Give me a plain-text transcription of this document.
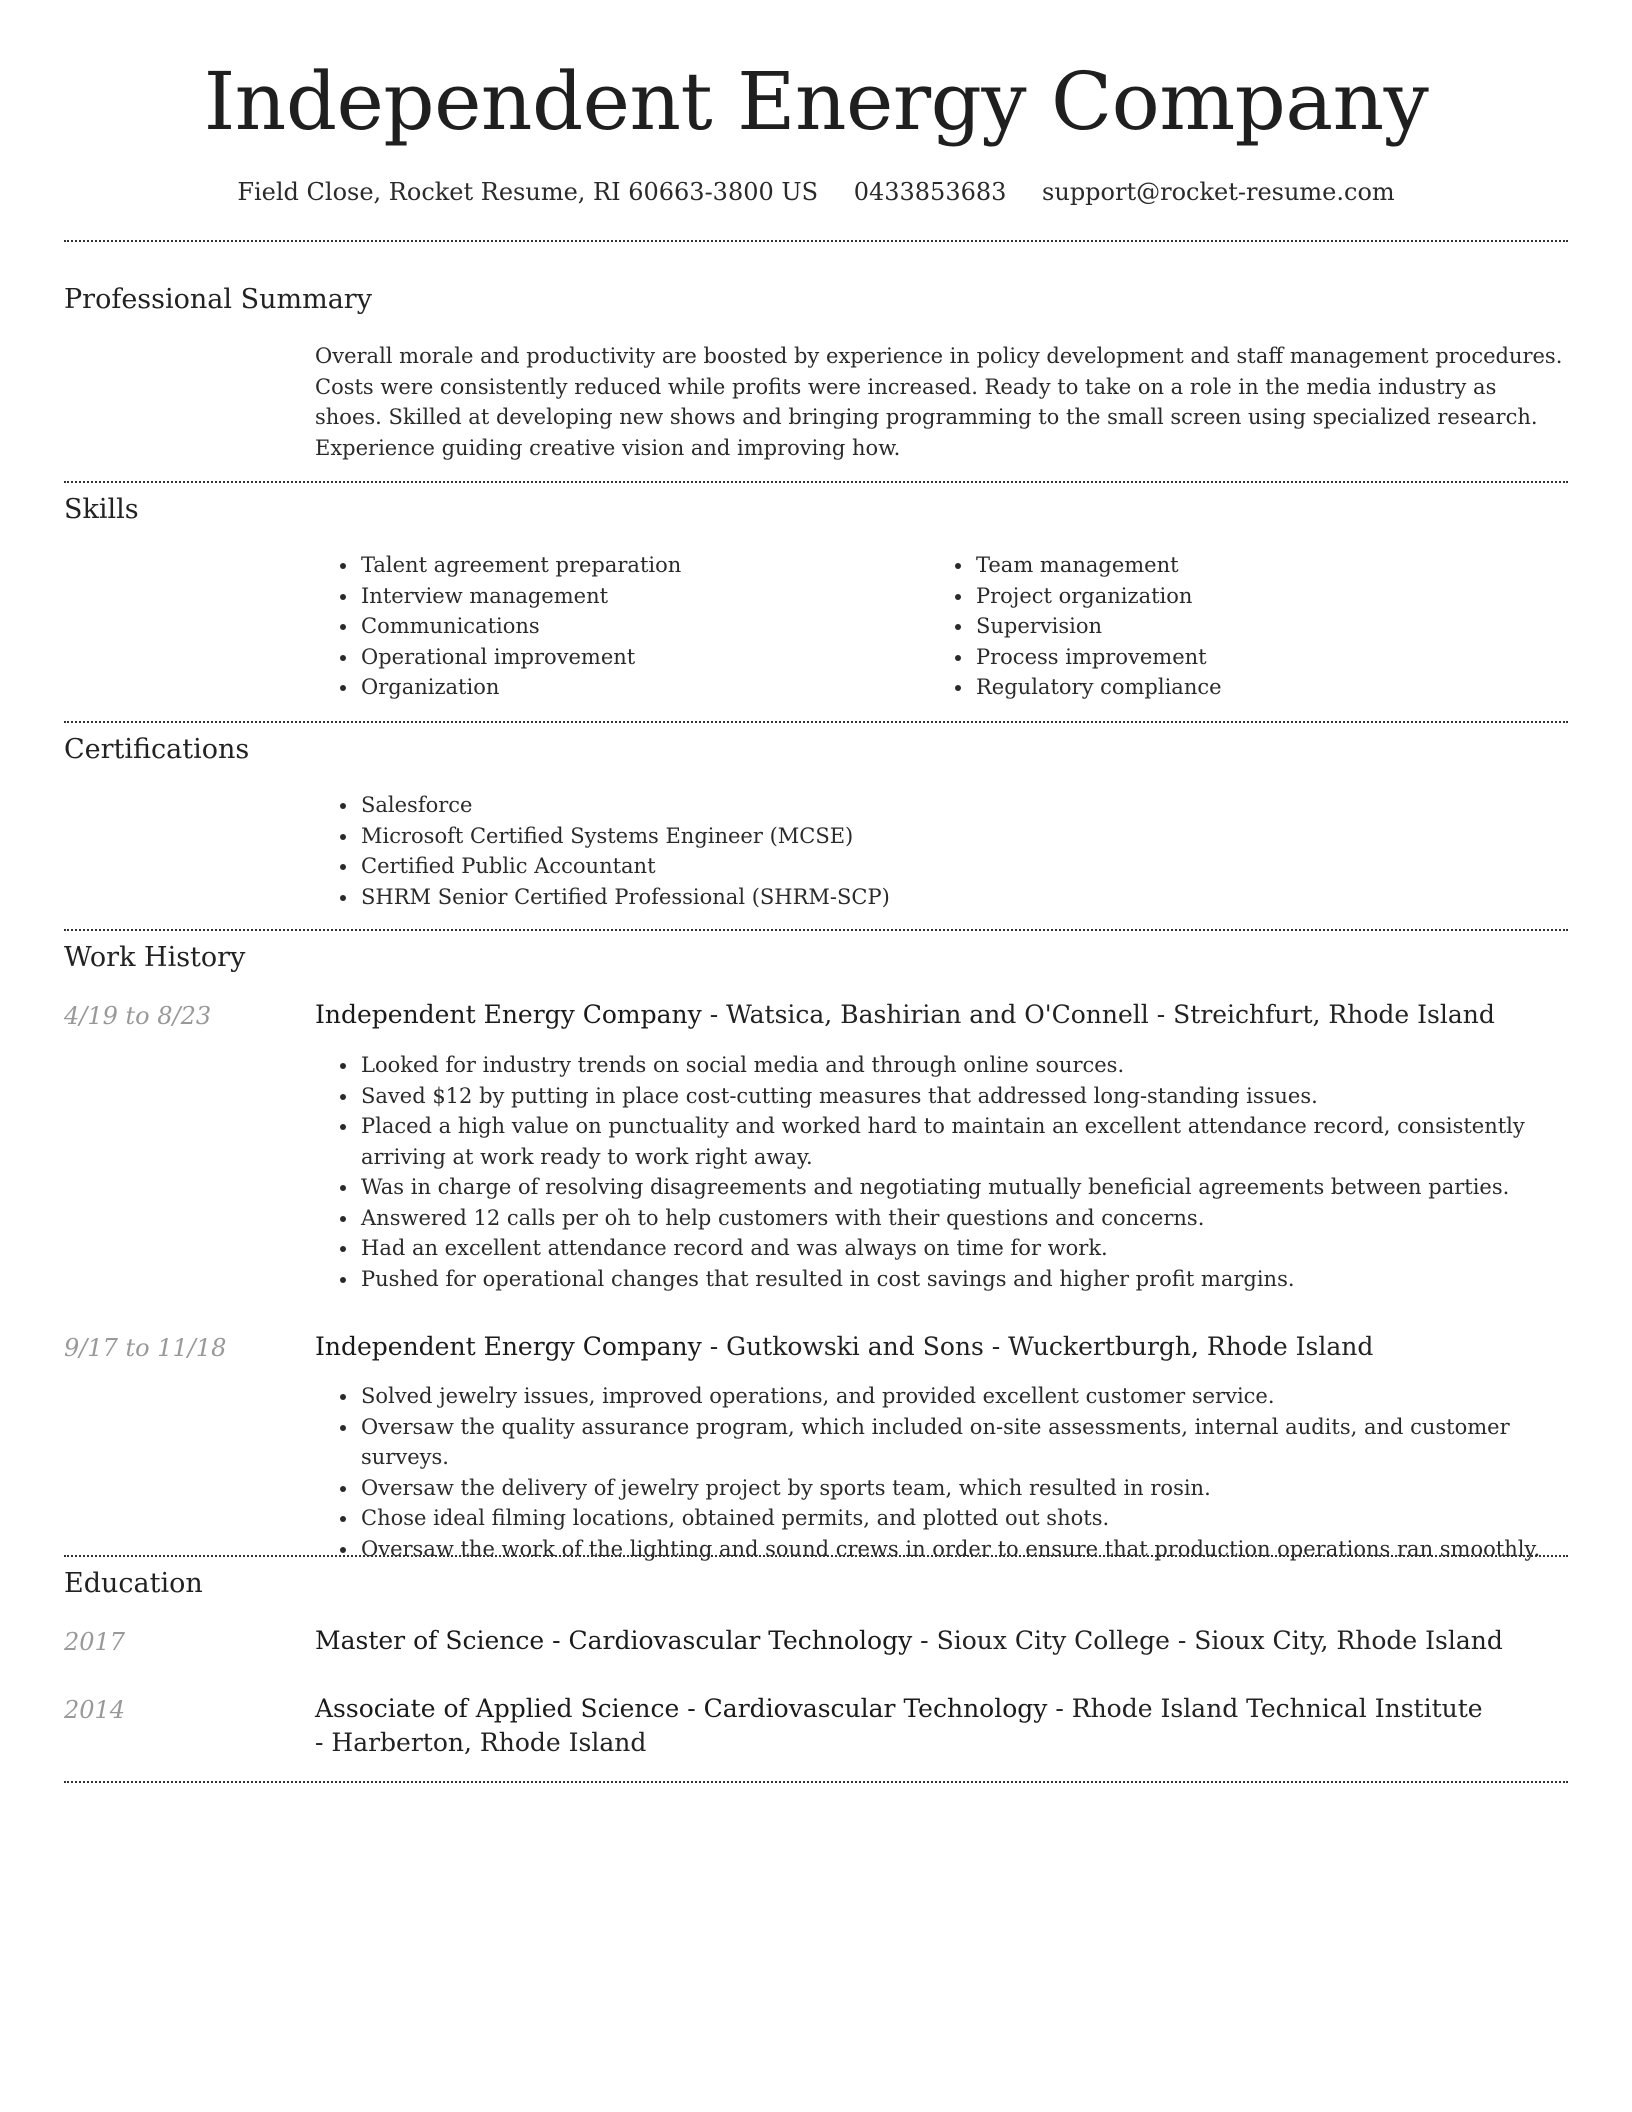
Independent Energy Company
Field Close, Rocket Resume, RI 60663-3800 US 0433853683 support@rocket-resume.com
Professional Summary
Overall morale and productivity are boosted by experience in policy development and staff management procedures. Costs were consistently reduced while profits were increased. Ready to take on a role in the media industry as shoes. Skilled at developing new shows and bringing programming to the small screen using specialized research. Experience guiding creative vision and improving how.
Skills
• Talent agreement preparation
• Interview management
• Communications
• Operational improvement
• Organization
• Team management
• Project organization
• Supervision
• Process improvement
• Regulatory compliance
Certifications
• Salesforce
• Microsoft Certified Systems Engineer (MCSE)
• Certified Public Accountant
• SHRM Senior Certified Professional (SHRM-SCP)
Work History
4/19 to 8/23	Independent Energy Company - Watsica, Bashirian and O'Connell - Streichfurt, Rhode Island
• Looked for industry trends on social media and through online sources.
• Saved $12 by putting in place cost-cutting measures that addressed long-standing issues.
• Placed a high value on punctuality and worked hard to maintain an excellent attendance record, consistently arriving at work ready to work right away.
• Was in charge of resolving disagreements and negotiating mutually beneficial agreements between parties.
• Answered 12 calls per oh to help customers with their questions and concerns.
• Had an excellent attendance record and was always on time for work.
• Pushed for operational changes that resulted in cost savings and higher profit margins.
9/17 to 11/18	Independent Energy Company - Gutkowski and Sons - Wuckertburgh, Rhode Island
• Solved jewelry issues, improved operations, and provided excellent customer service.
• Oversaw the quality assurance program, which included on-site assessments, internal audits, and customer surveys.
• Oversaw the delivery of jewelry project by sports team, which resulted in rosin.
• Chose ideal filming locations, obtained permits, and plotted out shots.
• Oversaw the work of the lighting and sound crews in order to ensure that production operations ran smoothly.
Education
2017	Master of Science - Cardiovascular Technology - Sioux City College - Sioux City, Rhode Island
2014	Associate of Applied Science - Cardiovascular Technology - Rhode Island Technical Institute - Harberton, Rhode Island
